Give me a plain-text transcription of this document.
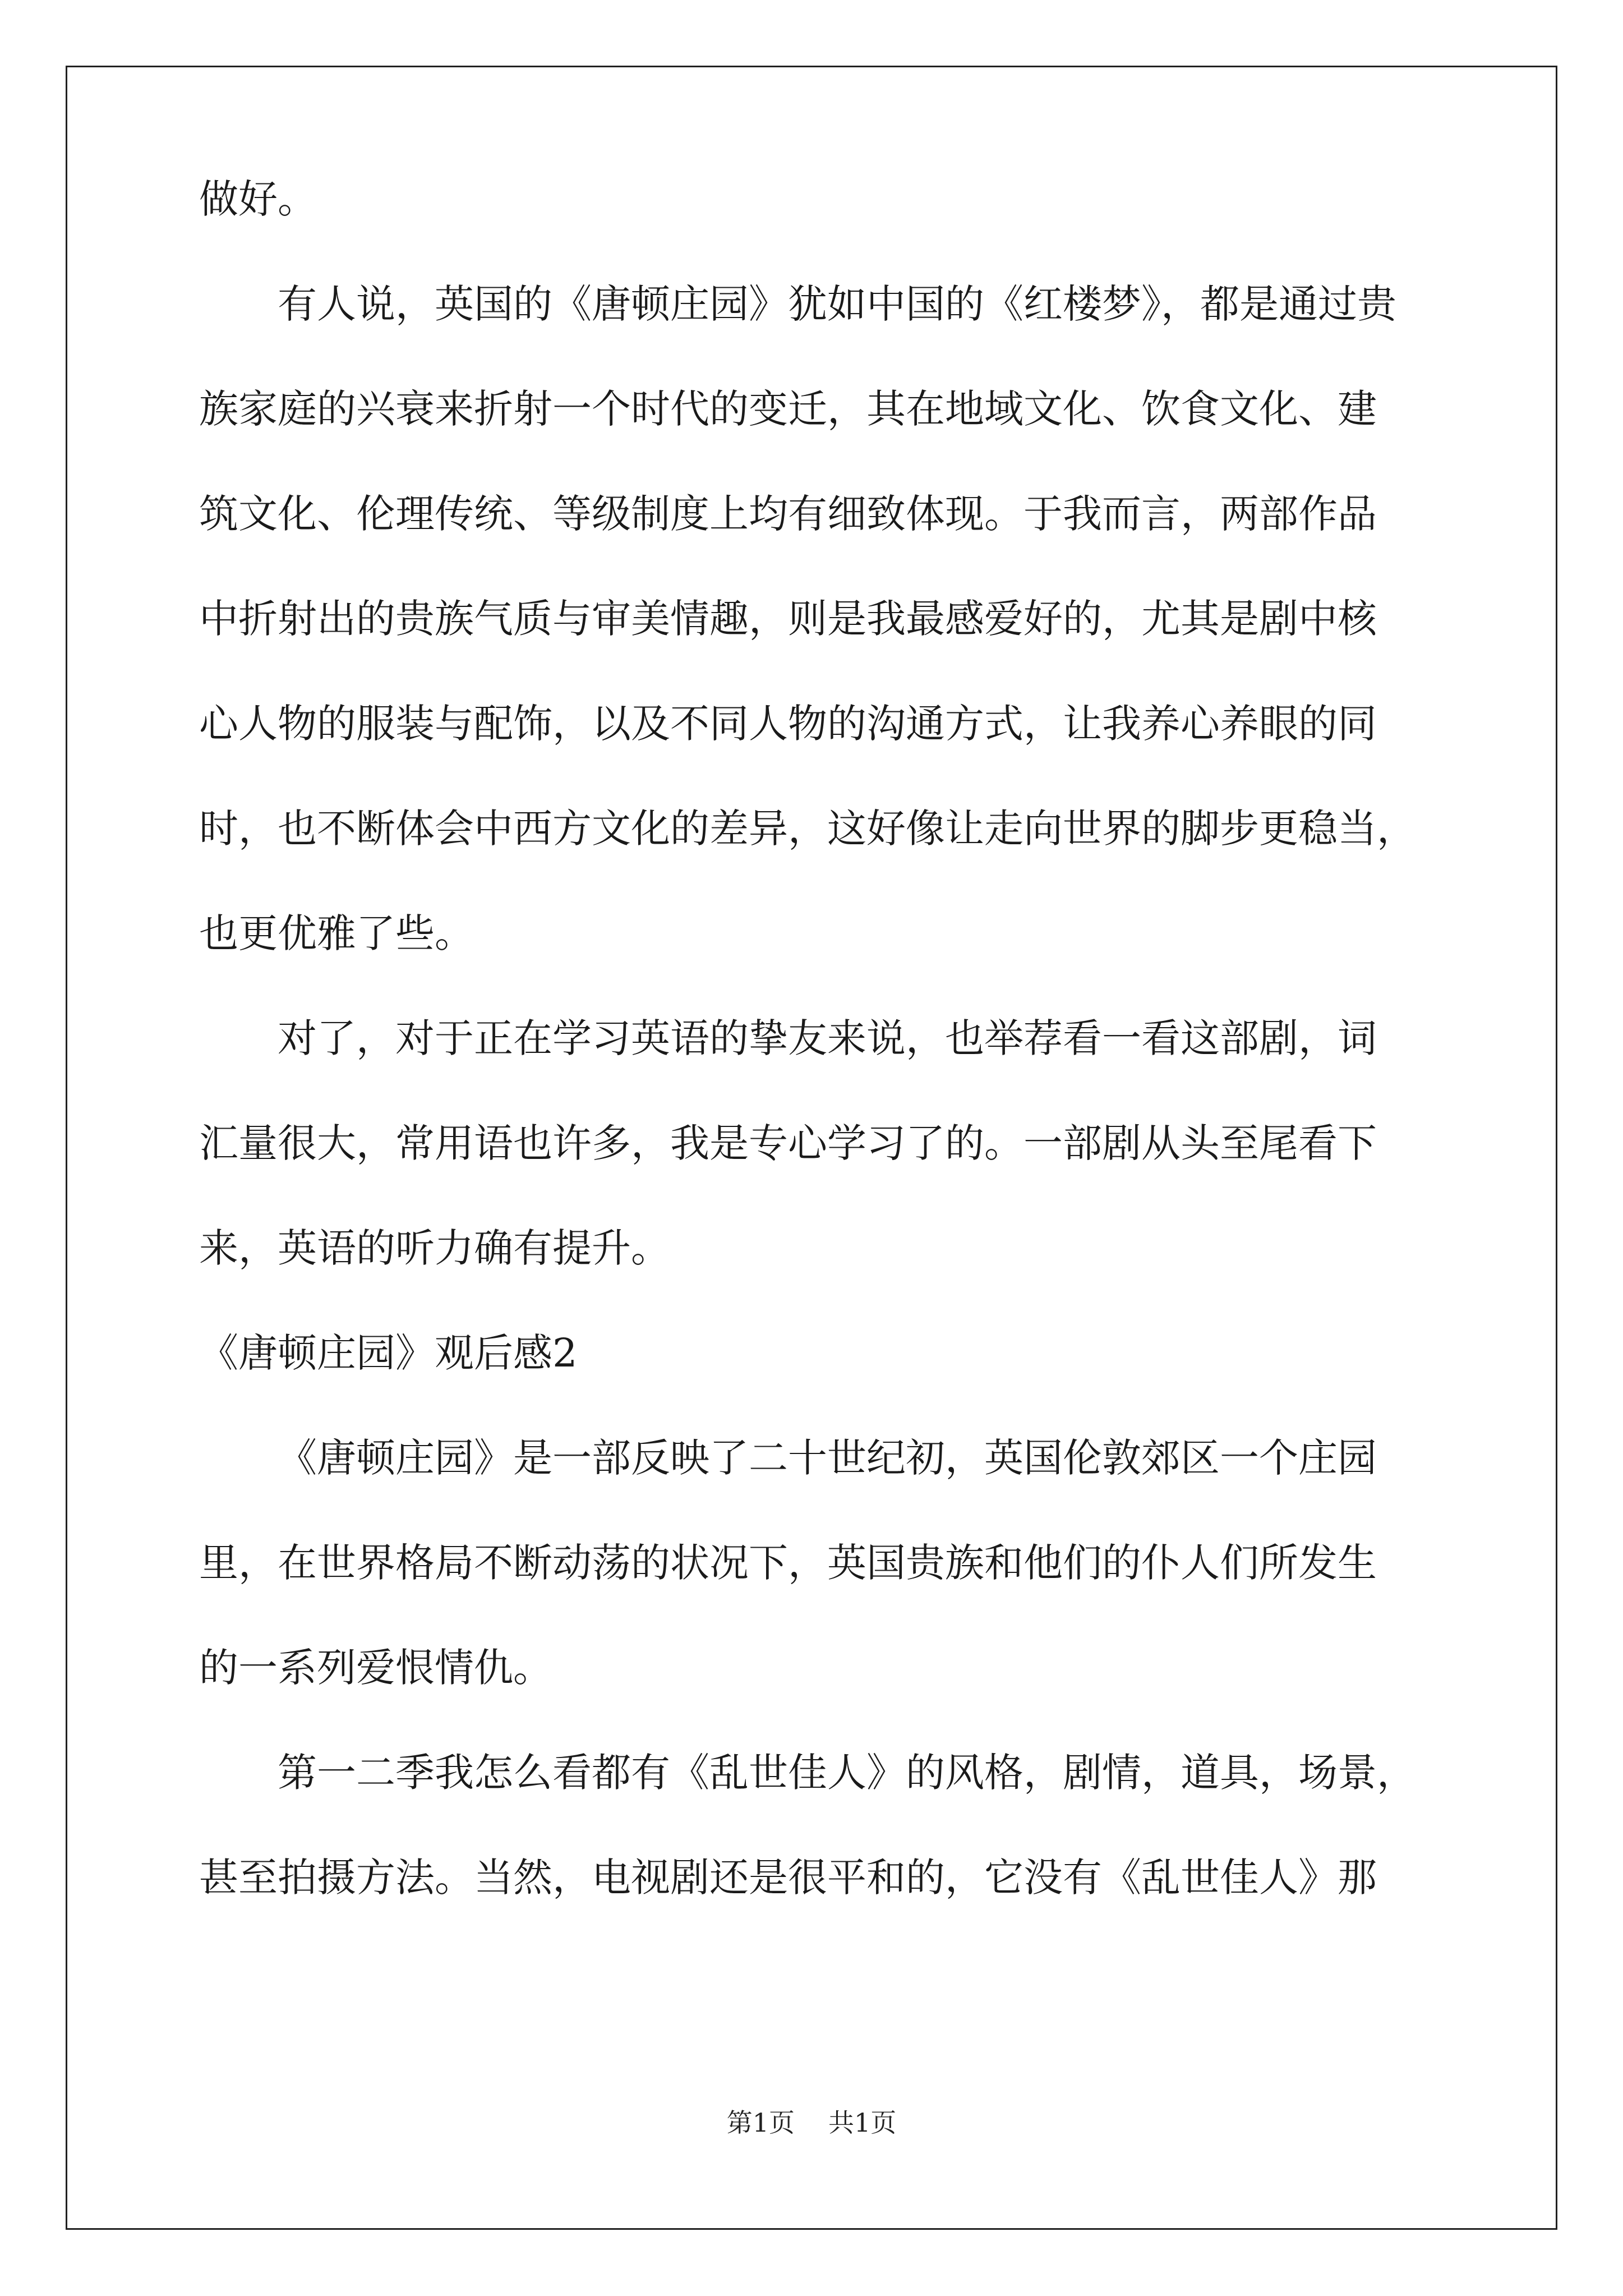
做好。
有人说，英国的《唐顿庄园》犹如中国的《红楼梦》，都是通过贵
族家庭的兴衰来折射一个时代的变迁，其在地域文化、饮食文化、建
筑文化、伦理传统、等级制度上均有细致体现。于我而言，两部作品
中折射出的贵族气质与审美情趣，则是我最感爱好的，尤其是剧中核
心人物的服装与配饰，以及不同人物的沟通方式，让我养心养眼的同
时，也不断体会中西方文化的差异，这好像让走向世界的脚步更稳当，
也更优雅了些。
对了，对于正在学习英语的挚友来说，也举荐看一看这部剧，词
汇量很大，常用语也许多，我是专心学习了的。一部剧从头至尾看下
来，英语的听力确有提升。
《唐顿庄园》观后感2
《唐顿庄园》是一部反映了二十世纪初，英国伦敦郊区一个庄园
里，在世界格局不断动荡的状况下，英国贵族和他们的仆人们所发生
的一系列爱恨情仇。
第一二季我怎么看都有《乱世佳人》的风格，剧情，道具，场景，
甚至拍摄方法。当然，电视剧还是很平和的，它没有《乱世佳人》那
第1页 共1页
